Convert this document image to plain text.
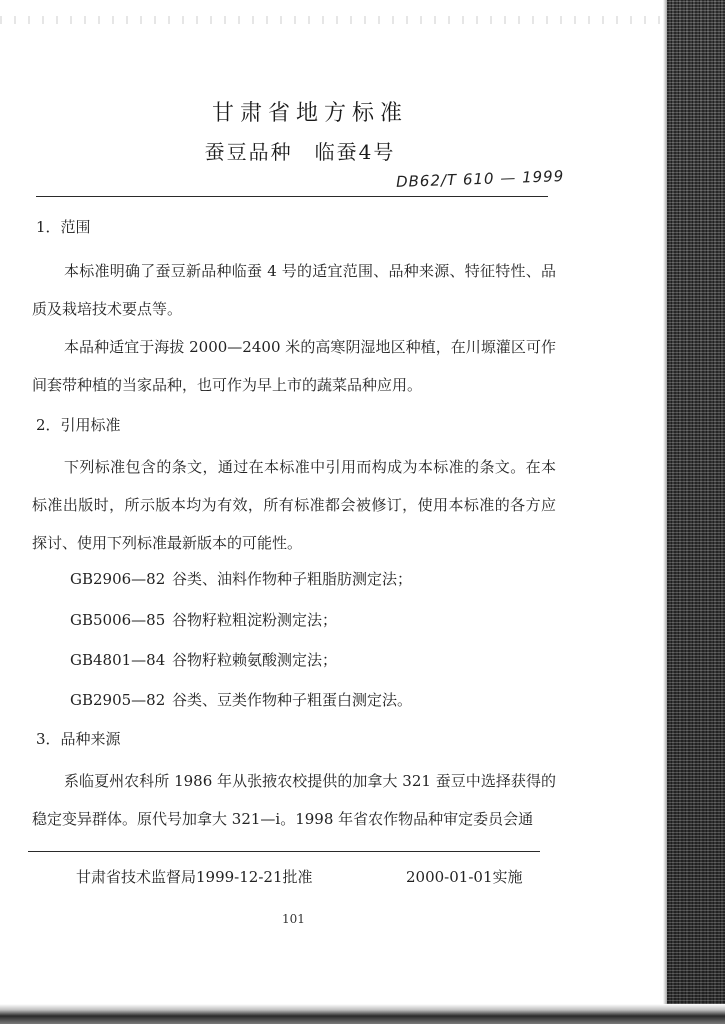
甘肃省地方标准
蚕豆品种　临蚕4号
DB62/T 610 — 1999
1．范围
本标准明确了蚕豆新品种临蚕 4 号的适宜范围、品种来源、特征特性、品质及栽培技术要点等。
本品种适宜于海拔 2000—2400 米的高寒阴湿地区种植，在川塬灌区可作间套带种植的当家品种，也可作为早上市的蔬菜品种应用。
2．引用标准
下列标准包含的条文，通过在本标准中引用而构成为本标准的条文。在本标准出版时，所示版本均为有效，所有标准都会被修订，使用本标准的各方应探讨、使用下列标准最新版本的可能性。
GB2906—82 谷类、油料作物种子粗脂肪测定法；
GB5006—85 谷物籽粒粗淀粉测定法；
GB4801—84 谷物籽粒赖氨酸测定法；
GB2905—82 谷类、豆类作物种子粗蛋白测定法。
3．品种来源
系临夏州农科所 1986 年从张掖农校提供的加拿大 321 蚕豆中选择获得的稳定变异群体。原代号加拿大 321—i。1998 年省农作物品种审定委员会通
甘肃省技术监督局1999-12-21批准	2000-01-01实施
101
